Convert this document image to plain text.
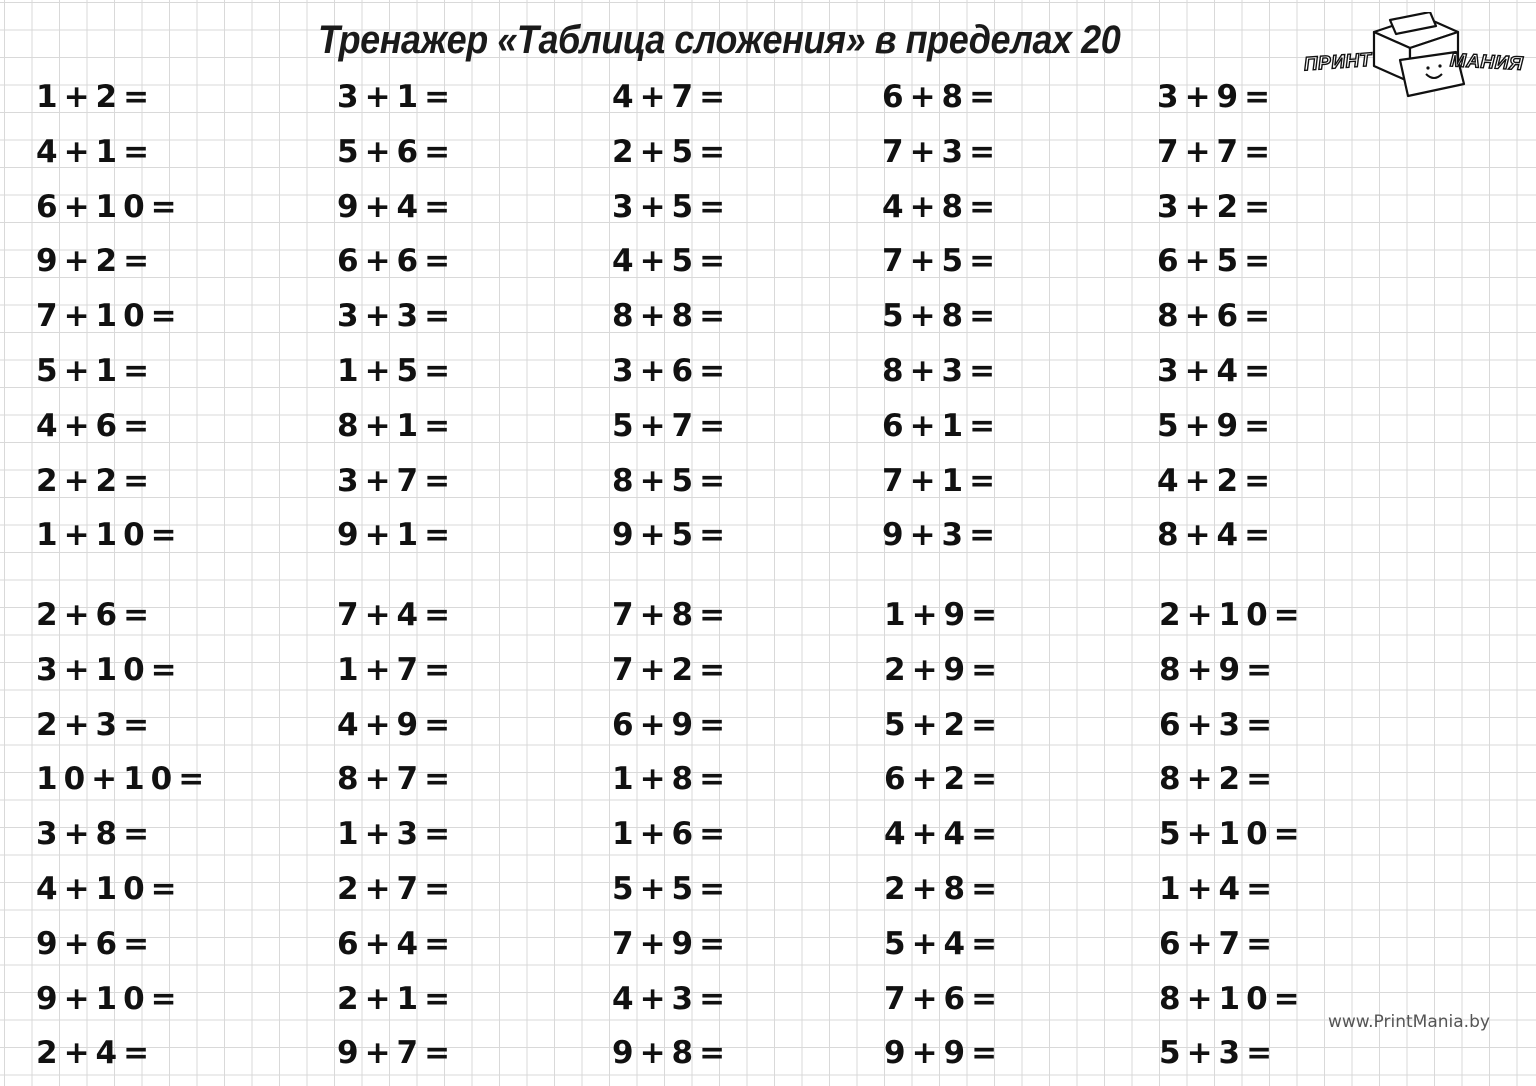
Тренажер «Таблица сложения» в пределах 20
ПРИНТ	МАНИЯ
1+2=
4+1=
6+10=
9+2=
7+10=
5+1=
4+6=
2+2=
1+10=
3+1=
5+6=
9+4=
6+6=
3+3=
1+5=
8+1=
3+7=
9+1=
4+7=
2+5=
3+5=
4+5=
8+8=
3+6=
5+7=
8+5=
9+5=
6+8=
7+3=
4+8=
7+5=
5+8=
8+3=
6+1=
7+1=
9+3=
3+9=
7+7=
3+2=
6+5=
8+6=
3+4=
5+9=
4+2=
8+4=
2+6=
3+10=
2+3=
10+10=
3+8=
4+10=
9+6=
9+10=
2+4=
7+4=
1+7=
4+9=
8+7=
1+3=
2+7=
6+4=
2+1=
9+7=
7+8=
7+2=
6+9=
1+8=
1+6=
5+5=
7+9=
4+3=
9+8=
1+9=
2+9=
5+2=
6+2=
4+4=
2+8=
5+4=
7+6=
9+9=
2+10=
8+9=
6+3=
8+2=
5+10=
1+4=
6+7=
8+10=
5+3=
www.PrintMania.by
